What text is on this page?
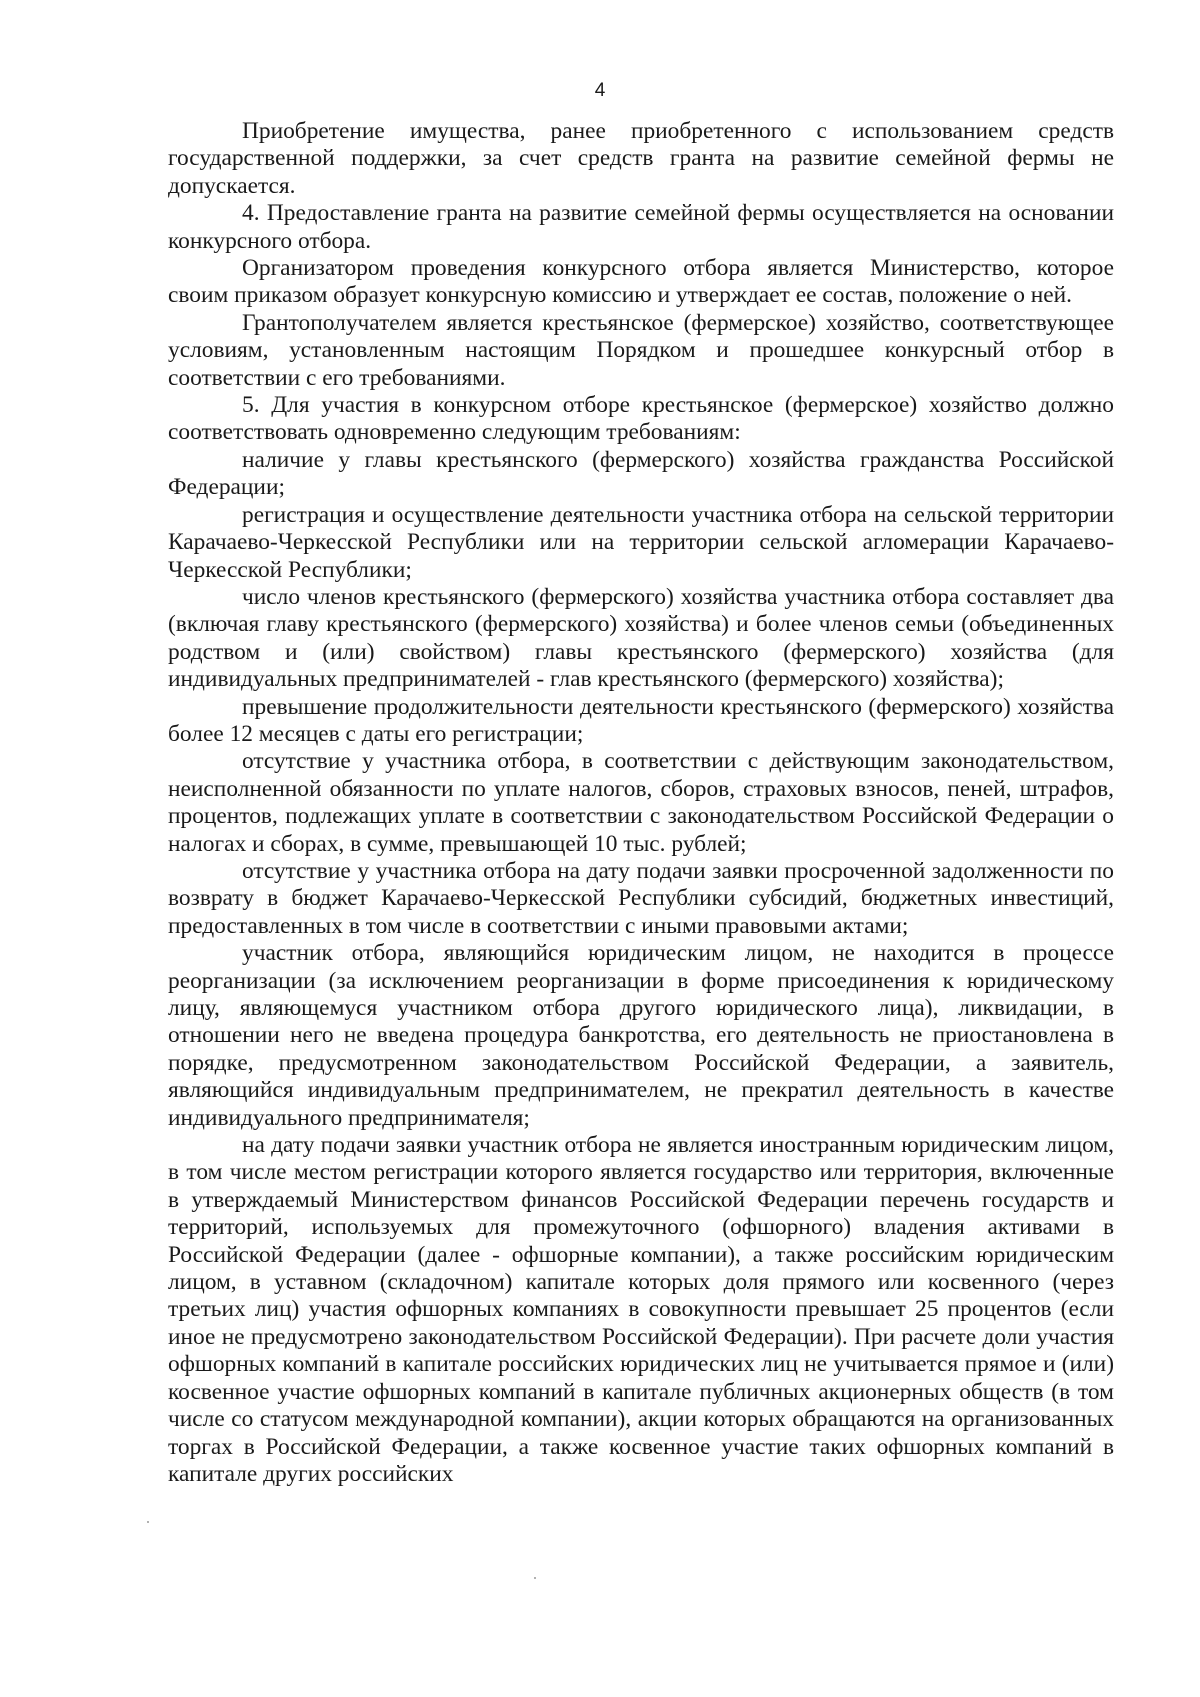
4

Приобретение имущества, ранее приобретенного с использованием средств государственной поддержки, за счет средств гранта на развитие семейной фермы не допускается.

4. Предоставление гранта на развитие семейной фермы осуществляется на основании конкурсного отбора.

Организатором проведения конкурсного отбора является Министерство, которое своим приказом образует конкурсную комиссию и утверждает ее состав, положение о ней.

Грантополучателем является крестьянское (фермерское) хозяйство, соответствующее условиям, установленным настоящим Порядком и прошедшее конкурсный отбор в соответствии с его требованиями.

5. Для участия в конкурсном отборе крестьянское (фермерское) хозяйство должно соответствовать одновременно следующим требованиям:

наличие у главы крестьянского (фермерского) хозяйства гражданства Российской Федерации;

регистрация и осуществление деятельности участника отбора на сельской территории Карачаево-Черкесской Республики или на территории сельской агломерации Карачаево-Черкесской Республики;

число членов крестьянского (фермерского) хозяйства участника отбора составляет два (включая главу крестьянского (фермерского) хозяйства) и более членов семьи (объединенных родством и (или) свойством) главы крестьянского (фермерского) хозяйства (для индивидуальных предпринимателей - глав крестьянского (фермерского) хозяйства);

превышение продолжительности деятельности крестьянского (фермерского) хозяйства более 12 месяцев с даты его регистрации;

отсутствие у участника отбора, в соответствии с действующим законодательством, неисполненной обязанности по уплате налогов, сборов, страховых взносов, пеней, штрафов, процентов, подлежащих уплате в соответствии с законодательством Российской Федерации о налогах и сборах, в сумме, превышающей 10 тыс. рублей;

отсутствие у участника отбора на дату подачи заявки просроченной задолженности по возврату в бюджет Карачаево-Черкесской Республики субсидий, бюджетных инвестиций, предоставленных в том числе в соответствии с иными правовыми актами;

участник отбора, являющийся юридическим лицом, не находится в процессе реорганизации (за исключением реорганизации в форме присоединения к юридическому лицу, являющемуся участником отбора другого юридического лица), ликвидации, в отношении него не введена процедура банкротства, его деятельность не приостановлена в порядке, предусмотренном законодательством Российской Федерации, а заявитель, являющийся индивидуальным предпринимателем, не прекратил деятельность в качестве индивидуального предпринимателя;

на дату подачи заявки участник отбора не является иностранным юридическим лицом, в том числе местом регистрации которого является государство или территория, включенные в утверждаемый Министерством финансов Российской Федерации перечень государств и территорий, используемых для промежуточного (офшорного) владения активами в Российской Федерации (далее - офшорные компании), а также российским юридическим лицом, в уставном (складочном) капитале которых доля прямого или косвенного (через третьих лиц) участия офшорных компаниях в совокупности превышает 25 процентов (если иное не предусмотрено законодательством Российской Федерации). При расчете доли участия офшорных компаний в капитале российских юридических лиц не учитывается прямое и (или) косвенное участие офшорных компаний в капитале публичных акционерных обществ (в том числе со статусом международной компании), акции которых обращаются на организованных торгах в Российской Федерации, а также косвенное участие таких офшорных компаний в капитале других российских
